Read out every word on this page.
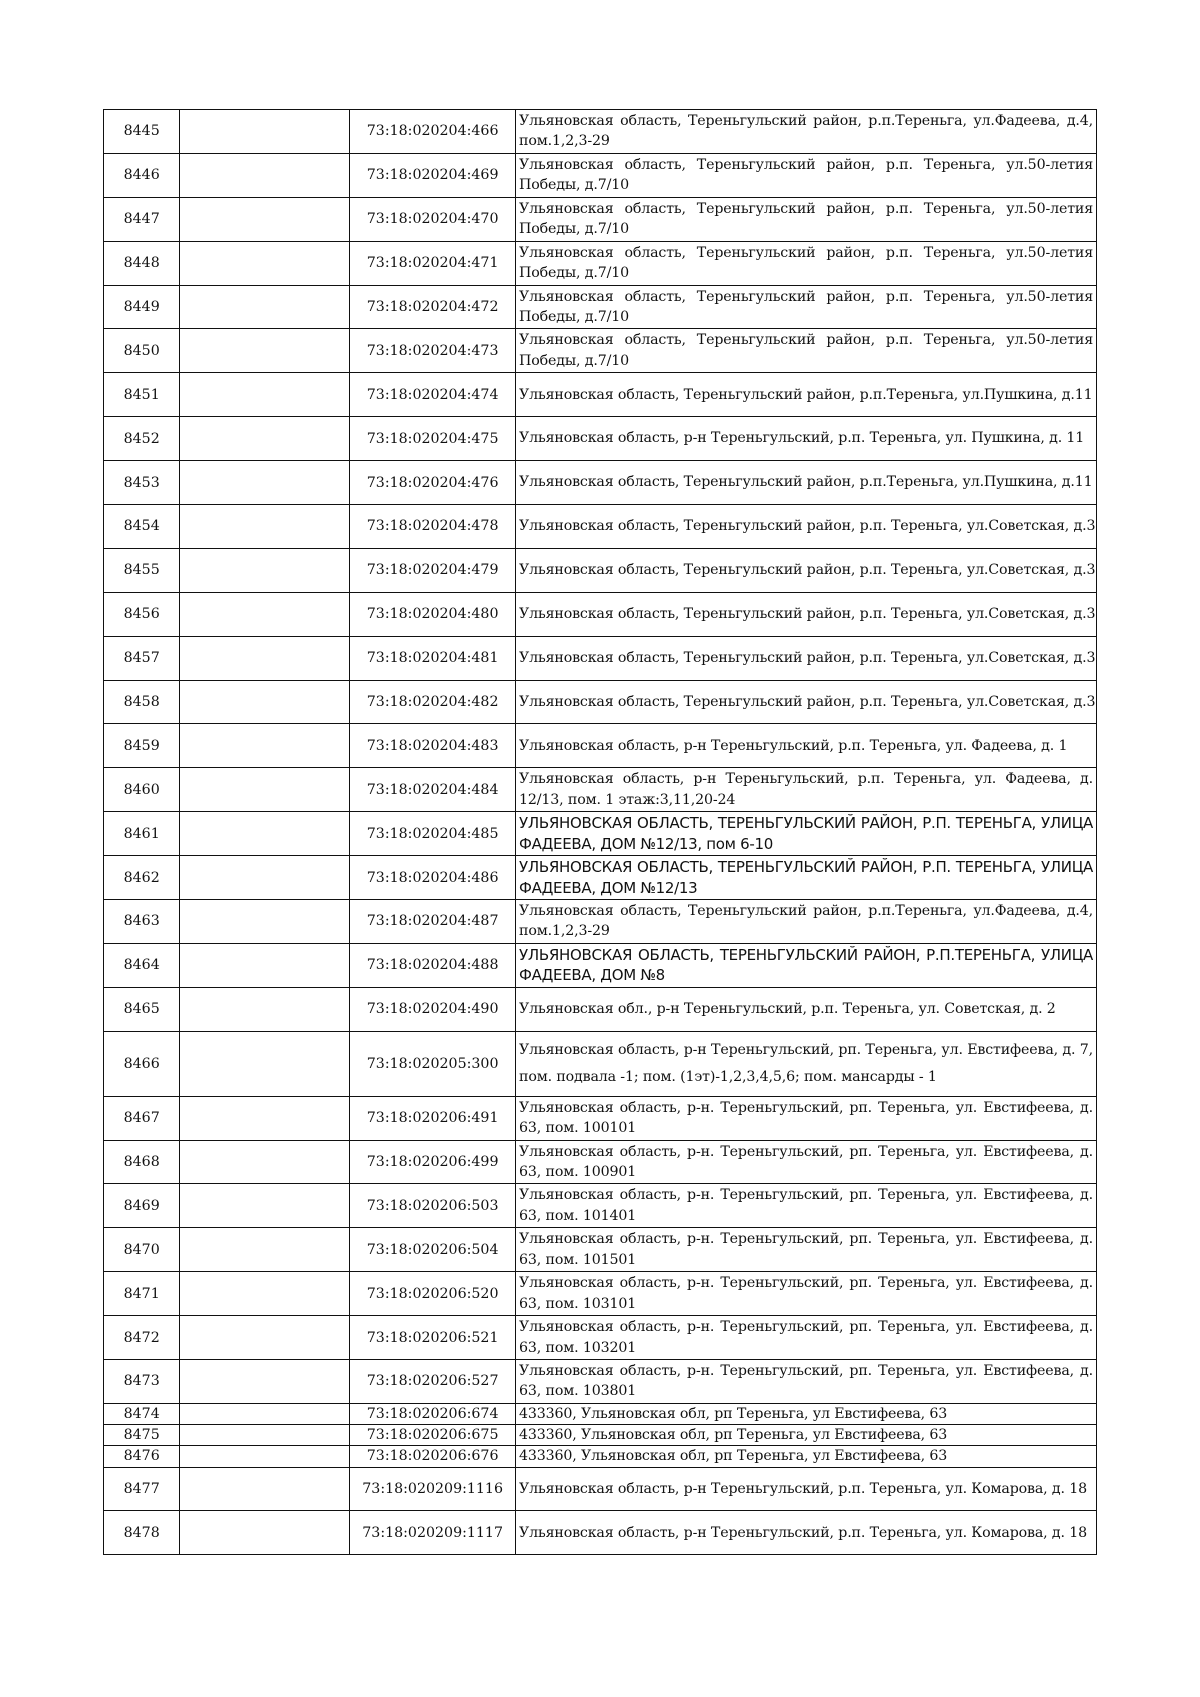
8445		73:18:020204:466	Ульяновская область, Тереньгульский район, р.п.Тереньга, ул.Фадеева, д.4, пом.1,2,3-29
8446		73:18:020204:469	Ульяновская область, Тереньгульский район, р.п. Тереньга, ул.50-летия Победы, д.7/10
8447		73:18:020204:470	Ульяновская область, Тереньгульский район, р.п. Тереньга, ул.50-летия Победы, д.7/10
8448		73:18:020204:471	Ульяновская область, Тереньгульский район, р.п. Тереньга, ул.50-летия Победы, д.7/10
8449		73:18:020204:472	Ульяновская область, Тереньгульский район, р.п. Тереньга, ул.50-летия Победы, д.7/10
8450		73:18:020204:473	Ульяновская область, Тереньгульский район, р.п. Тереньга, ул.50-летия Победы, д.7/10
8451		73:18:020204:474	Ульяновская область, Тереньгульский район, р.п.Тереньга, ул.Пушкина, д.11
8452		73:18:020204:475	Ульяновская область, р-н Тереньгульский, р.п. Тереньга, ул. Пушкина, д. 11
8453		73:18:020204:476	Ульяновская область, Тереньгульский район, р.п.Тереньга, ул.Пушкина, д.11
8454		73:18:020204:478	Ульяновская область, Тереньгульский район, р.п. Тереньга, ул.Советская, д.3
8455		73:18:020204:479	Ульяновская область, Тереньгульский район, р.п. Тереньга, ул.Советская, д.3
8456		73:18:020204:480	Ульяновская область, Тереньгульский район, р.п. Тереньга, ул.Советская, д.3
8457		73:18:020204:481	Ульяновская область, Тереньгульский район, р.п. Тереньга, ул.Советская, д.3
8458		73:18:020204:482	Ульяновская область, Тереньгульский район, р.п. Тереньга, ул.Советская, д.3
8459		73:18:020204:483	Ульяновская область, р-н Тереньгульский, р.п. Тереньга, ул. Фадеева, д. 1
8460		73:18:020204:484	Ульяновская область, р-н Тереньгульский, р.п. Тереньга, ул. Фадеева, д. 12/13, пом. 1 этаж:3,11,20-24
8461		73:18:020204:485	УЛЬЯНОВСКАЯ ОБЛАСТЬ, ТЕРЕНЬГУЛЬСКИЙ РАЙОН, Р.П. ТЕРЕНЬГА, УЛИЦА ФАДЕЕВА, ДОМ №12/13, пом 6-10
8462		73:18:020204:486	УЛЬЯНОВСКАЯ ОБЛАСТЬ, ТЕРЕНЬГУЛЬСКИЙ РАЙОН, Р.П. ТЕРЕНЬГА, УЛИЦА ФАДЕЕВА, ДОМ №12/13
8463		73:18:020204:487	Ульяновская область, Тереньгульский район, р.п.Тереньга, ул.Фадеева, д.4, пом.1,2,3-29
8464		73:18:020204:488	УЛЬЯНОВСКАЯ ОБЛАСТЬ, ТЕРЕНЬГУЛЬСКИЙ РАЙОН, Р.П.ТЕРЕНЬГА, УЛИЦА ФАДЕЕВА, ДОМ №8
8465		73:18:020204:490	Ульяновская обл., р-н Тереньгульский, р.п. Тереньга, ул. Советская, д. 2
8466		73:18:020205:300	Ульяновская область, р-н Тереньгульский, рп. Тереньга, ул. Евстифеева, д. 7, пом. подвала -1; пом. (1эт)-1,2,3,4,5,6; пом. мансарды - 1
8467		73:18:020206:491	Ульяновская область, р-н. Тереньгульский, рп. Тереньга, ул. Евстифеева, д. 63, пом. 100101
8468		73:18:020206:499	Ульяновская область, р-н. Тереньгульский, рп. Тереньга, ул. Евстифеева, д. 63, пом. 100901
8469		73:18:020206:503	Ульяновская область, р-н. Тереньгульский, рп. Тереньга, ул. Евстифеева, д. 63, пом. 101401
8470		73:18:020206:504	Ульяновская область, р-н. Тереньгульский, рп. Тереньга, ул. Евстифеева, д. 63, пом. 101501
8471		73:18:020206:520	Ульяновская область, р-н. Тереньгульский, рп. Тереньга, ул. Евстифеева, д. 63, пом. 103101
8472		73:18:020206:521	Ульяновская область, р-н. Тереньгульский, рп. Тереньга, ул. Евстифеева, д. 63, пом. 103201
8473		73:18:020206:527	Ульяновская область, р-н. Тереньгульский, рп. Тереньга, ул. Евстифеева, д. 63, пом. 103801
8474		73:18:020206:674	433360, Ульяновская обл, рп Тереньга, ул Евстифеева, 63
8475		73:18:020206:675	433360, Ульяновская обл, рп Тереньга, ул Евстифеева, 63
8476		73:18:020206:676	433360, Ульяновская обл, рп Тереньга, ул Евстифеева, 63
8477		73:18:020209:1116	Ульяновская область, р-н Тереньгульский, р.п. Тереньга, ул. Комарова, д. 18
8478		73:18:020209:1117	Ульяновская область, р-н Тереньгульский, р.п. Тереньга, ул. Комарова, д. 18
